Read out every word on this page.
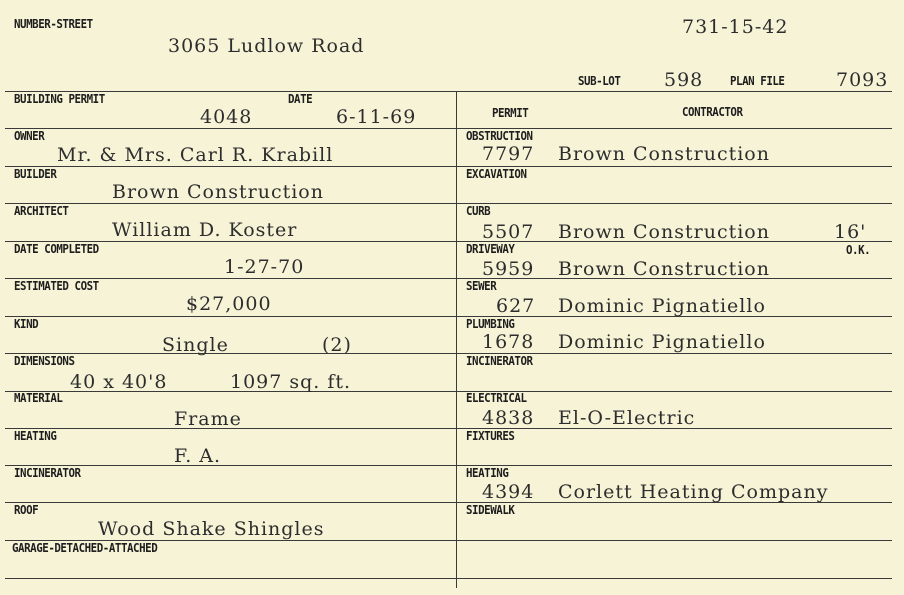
NUMBER-STREET
3065 Ludlow Road
731-15-42
SUB-LOT 598 PLAN FILE	7093
BUILDING PERMIT
4048
DATE
6-11-69
OWNER
Mr. & Mrs. Carl R. Krabill
BUILDER
Brown Construction
ARCHITECT
William D. Koster
DATE COMPLETED
1-27-70
ESTIMATED COST
$27,000
KIND
Single	(2)
DIMENSIONS
40 x 40'8	1097 sq. ft.
MATERIAL
Frame
HEATING
F. A.
INCINERATOR
ROOF
Wood Shake Shingles
GARAGE-DETACHED-ATTACHED
PERMIT	CONTRACTOR
OBSTRUCTION
7797 Brown Construction
EXCAVATION
CURB
5507 Brown Construction	16'
DRIVEWAY	O.K.
5959 Brown Construction
SEWER
627 Dominic Pignatiello
PLUMBING
1678 Dominic Pignatiello
INCINERATOR
ELECTRICAL
4838 El-O-Electric
FIXTURES
HEATING
4394 Corlett Heating Company
SIDEWALK
